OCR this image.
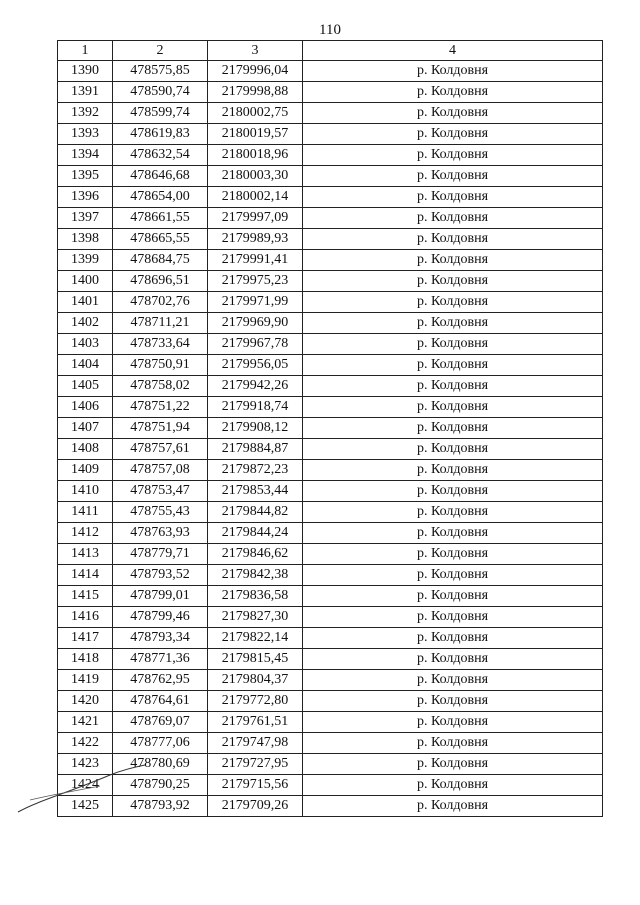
110
1	2	3	4
1390	478575,85	2179996,04	р. Колдовня
1391	478590,74	2179998,88	р. Колдовня
1392	478599,74	2180002,75	р. Колдовня
1393	478619,83	2180019,57	р. Колдовня
1394	478632,54	2180018,96	р. Колдовня
1395	478646,68	2180003,30	р. Колдовня
1396	478654,00	2180002,14	р. Колдовня
1397	478661,55	2179997,09	р. Колдовня
1398	478665,55	2179989,93	р. Колдовня
1399	478684,75	2179991,41	р. Колдовня
1400	478696,51	2179975,23	р. Колдовня
1401	478702,76	2179971,99	р. Колдовня
1402	478711,21	2179969,90	р. Колдовня
1403	478733,64	2179967,78	р. Колдовня
1404	478750,91	2179956,05	р. Колдовня
1405	478758,02	2179942,26	р. Колдовня
1406	478751,22	2179918,74	р. Колдовня
1407	478751,94	2179908,12	р. Колдовня
1408	478757,61	2179884,87	р. Колдовня
1409	478757,08	2179872,23	р. Колдовня
1410	478753,47	2179853,44	р. Колдовня
1411	478755,43	2179844,82	р. Колдовня
1412	478763,93	2179844,24	р. Колдовня
1413	478779,71	2179846,62	р. Колдовня
1414	478793,52	2179842,38	р. Колдовня
1415	478799,01	2179836,58	р. Колдовня
1416	478799,46	2179827,30	р. Колдовня
1417	478793,34	2179822,14	р. Колдовня
1418	478771,36	2179815,45	р. Колдовня
1419	478762,95	2179804,37	р. Колдовня
1420	478764,61	2179772,80	р. Колдовня
1421	478769,07	2179761,51	р. Колдовня
1422	478777,06	2179747,98	р. Колдовня
1423	478780,69	2179727,95	р. Колдовня
1424	478790,25	2179715,56	р. Колдовня
1425	478793,92	2179709,26	р. Колдовня
